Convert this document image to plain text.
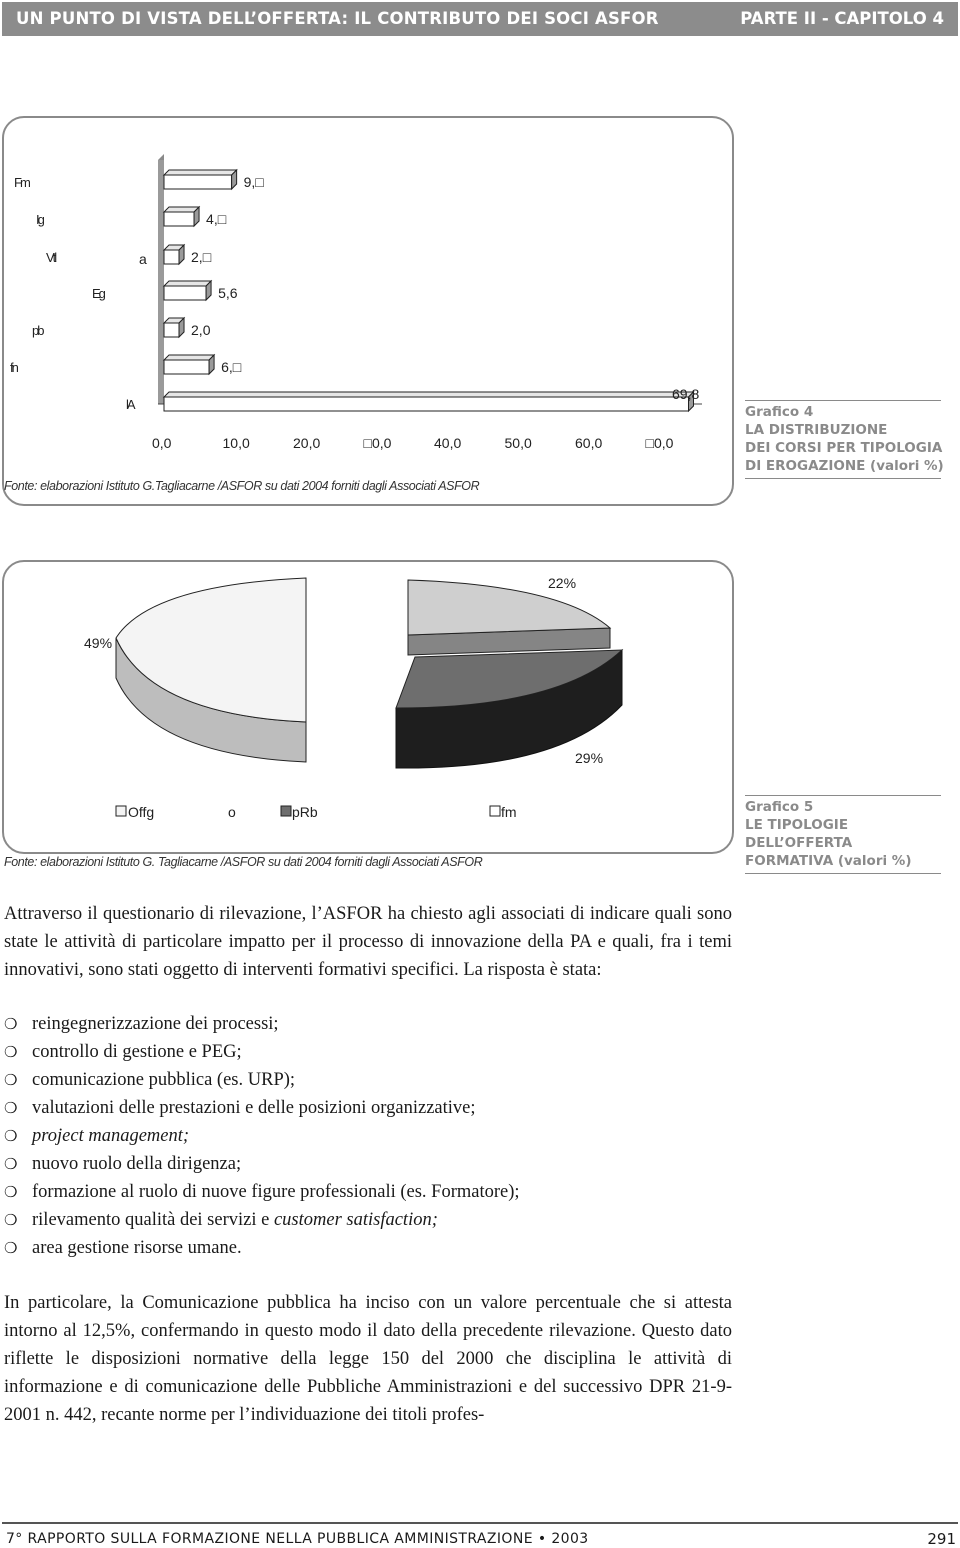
UN PUNTO DI VISTA DELL’OFFERTA: IL CONTRIBUTO DEI SOCI ASFOR	PARTE II - CAPITOLO 4
9,□
4,□
2,□
5,6
2,0
6,□
69,8
Fm
Ig
Vtl
Eg
pb
fn
lA
0,0	10,0	20,0	□0,0	40,0	50,0	60,0	□0,0
a
Grafico 4
LA DISTRIBUZIONE
DEI CORSI PER TIPOLOGIA
DI EROGAZIONE (valori %)
Fonte: elaborazioni Istituto G.Tagliacarne /ASFOR su dati 2004 forniti dagli Associati ASFOR
22%
49%
29%
Offg	o	pRb	fm	Grafico 5
LE TIPOLOGIE DELL’OFFERTA
FORMATIVA (valori %)
Fonte: elaborazioni Istituto G. Tagliacarne /ASFOR su dati 2004 forniti dagli Associati ASFOR
Attraverso il questionario di rilevazione, l’ASFOR ha chiesto agli associati di indicare quali sono state le attività di particolare impatto per il processo di innovazione della PA e quali, fra i temi innovativi, sono stati oggetto di interventi formativi specifici. La risposta è stata:
❍ reingegnerizzazione dei processi;
❍ controllo di gestione e PEG;
❍ comunicazione pubblica (es. URP);
❍ valutazioni delle prestazioni e delle posizioni organizzative;
❍ project management;
❍ nuovo ruolo della dirigenza;
❍ formazione al ruolo di nuove figure professionali (es. Formatore);
❍ rilevamento qualità dei servizi e customer satisfaction;
❍ area gestione risorse umane.
In particolare, la Comunicazione pubblica ha inciso con un valore percentuale che si attesta intorno al 12,5%, confermando in questo modo il dato della precedente rilevazione. Questo dato riflette le disposizioni normative della legge 150 del 2000 che disciplina le attività di informazione e di comunicazione delle Pubbliche Amministrazioni e del successivo DPR 21-9-2001 n. 442, recante norme per l’individuazione dei titoli profes-
7° RAPPORTO SULLA FORMAZIONE NELLA PUBBLICA AMMINISTRAZIONE • 2003	291
